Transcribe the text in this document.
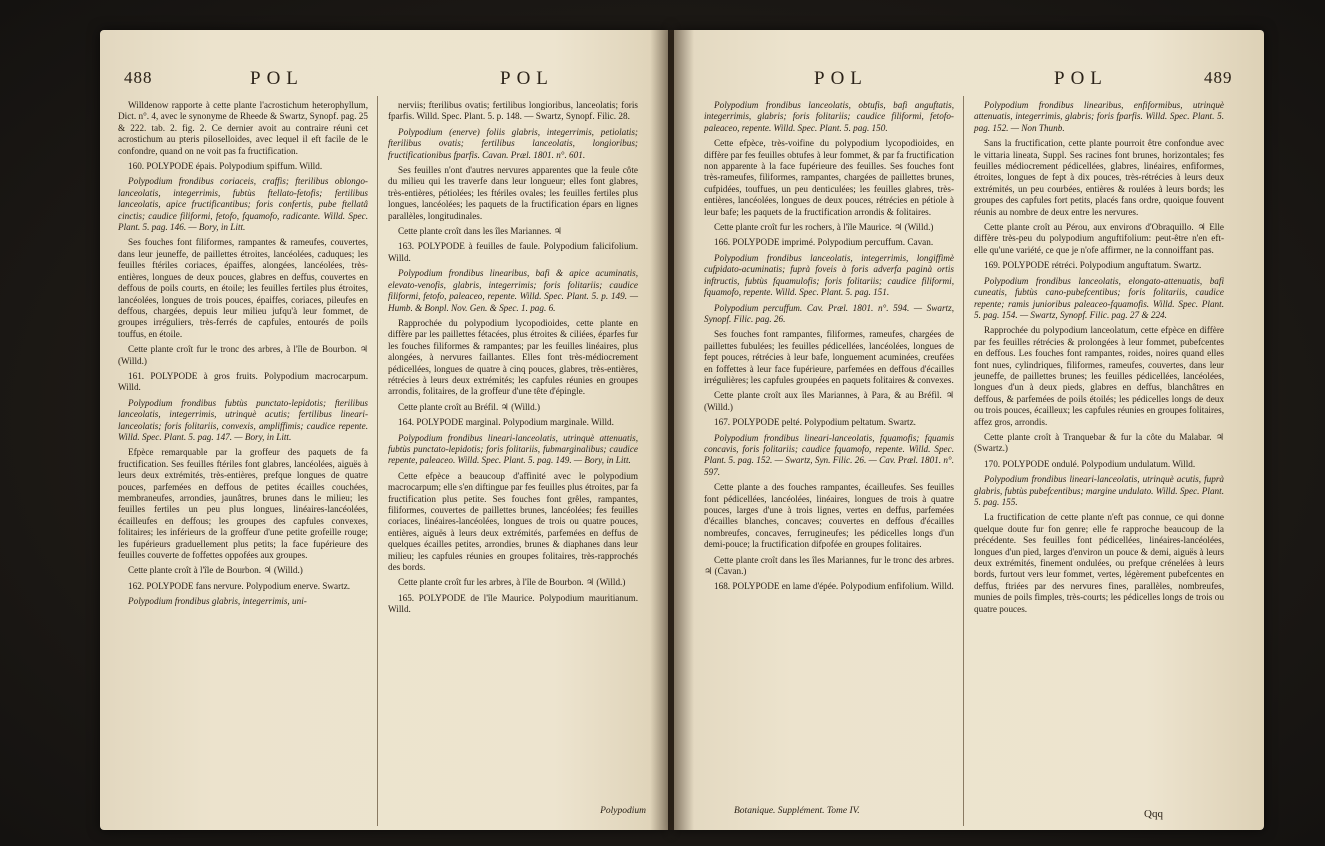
488	POL	POL

Willdenow rapporte à cette plante l'acrostichum heterophyllum, Dict. n°. 4, avec le synonyme de Rheede & Swartz, Synopf. pag. 25 & 222. tab. 2. fig. 2. Ce dernier avoit au contraire réuni cet acrostichum au pteris piloselloides, avec lequel il eft facile de le confondre, quand on ne voit pas fa fructification.

160. POLYPODE épais. Polypodium spiffum. Willd.

Polypodium frondibus coriaceis, craffis; fterilibus oblongo-lanceolatis, integerrimis, fubtùs ftellato-fetofis; fertilibus lanceolatis, apice fructificantibus; foris confertis, pube ftellatâ cinctis; caudice filiformi, fetofo, fquamofo, radicante. Willd. Spec. Plant. 5. pag. 146. — Bory, in Litt.

Ses fouches font filiformes, rampantes & rameufes, couvertes, dans leur jeuneffe, de paillettes étroites, lancéolées, caduques; les feuilles ftériles coriaces, épaiffes, alongées, lancéolées, très-entières, longues de deux pouces, glabres en deffus, couvertes en deffous de poils courts, en étoile; les feuilles fertiles plus étroites, lancéolées, longues de trois pouces, épaiffes, coriaces, pileufes en deffous, chargées, depuis leur milieu jufqu'à leur fommet, de groupes irréguliers, très-ferrés de capfules, entourés de poils touffus, en étoile.

Cette plante croît fur le tronc des arbres, à l'île de Bourbon. ♃ (Willd.)

161. POLYPODE à gros fruits. Polypodium macrocarpum. Willd.

Polypodium frondibus fubtùs punctato-lepidotis; fterilibus lanceolatis, integerrimis, utrinquè acutis; fertilibus lineari-lanceolatis; foris folitariis, convexis, ampliffimis; caudice repente. Willd. Spec. Plant. 5. pag. 147. — Bory, in Litt.

Efpèce remarquable par la groffeur des paquets de fa fructification. Ses feuilles ftériles font glabres, lancéolées, aiguës à leurs deux extrémités, très-entières, prefque longues de quatre pouces, parfemées en deffous de petites écailles couchées, membraneufes, arrondies, jaunâtres, brunes dans le milieu; les feuilles fertiles un peu plus longues, linéaires-lancéolées, écailleufes en deffous; les groupes des capfules convexes, folitaires; les inférieurs de la groffeur d'une petite grofeille rouge; les fupérieurs graduellement plus petits; la face fupérieure des feuilles couverte de foffettes oppofées aux groupes.

Cette plante croît à l'île de Bourbon. ♃ (Willd.)

162. POLYPODE fans nervure. Polypodium enerve. Swartz.

Polypodium frondibus glabris, integerrimis, uni-

nerviis; fterilibus ovatis; fertilibus longioribus, lanceolatis; foris fparfis. Willd. Spec. Plant. 5. p. 148. — Swartz, Synopf. Filic. 28.

Polypodium (enerve) foliis glabris, integerrimis, petiolatis; fterilibus ovatis; fertilibus lanceolatis, longioribus; fructificationibus fparfis. Cavan. Præl. 1801. n°. 601.

Ses feuilles n'ont d'autres nervures apparentes que la feule côte du milieu qui les traverfe dans leur longueur; elles font glabres, très-entières, pétiolées; les ftériles ovales; les feuilles fertiles plus longues, lancéolées; les paquets de la fructification épars en lignes parallèles, longitudinales.

Cette plante croît dans les îles Mariannes. ♃

163. POLYPODE à feuilles de faule. Polypodium falicifolium. Willd.

Polypodium frondibus linearibus, bafi & apice acuminatis, elevato-venofis, glabris, integerrimis; foris folitariis; caudice filiformi, fetofo, paleaceo, repente. Willd. Spec. Plant. 5. p. 149. — Humb. & Bonpl. Nov. Gen. & Spec. 1. pag. 6.

Rapprochée du polypodium lycopodioides, cette plante en diffère par les paillettes fétacées, plus étroites & ciliées, éparfes fur les fouches filiformes & rampantes; par les feuilles linéaires, plus alongées, à nervures faillantes. Elles font très-médiocrement pédicellées, longues de quatre à cinq pouces, glabres, très-entières, rétrécies à leurs deux extrémités; les capfules réunies en groupes arrondis, folitaires, de la groffeur d'une tête d'épingle.

Cette plante croît au Bréfil. ♃ (Willd.)

164. POLYPODE marginal. Polypodium marginale. Willd.

Polypodium frondibus lineari-lanceolatis, utrinquè attenuatis, fubtùs punctato-lepidotis; foris folitariis, fubmarginalibus; caudice repente, paleaceo. Willd. Spec. Plant. 5. pag. 149. — Bory, in Litt.

Cette efpèce a beaucoup d'affinité avec le polypodium macrocarpum; elle s'en diftingue par fes feuilles plus étroites, par fa fructification plus petite. Ses fouches font grêles, rampantes, filiformes, couvertes de paillettes brunes, lancéolées; fes feuilles coriaces, linéaires-lancéolées, longues de trois ou quatre pouces, entières, aiguës à leurs deux extrémités, parfemées en deffus de quelques écailles petites, arrondies, brunes & diaphanes dans leur milieu; les capfules réunies en groupes folitaires, très-rapprochés des bords.

Cette plante croît fur les arbres, à l'île de Bourbon. ♃ (Willd.)

165. POLYPODE de l'île Maurice. Polypodium mauritianum. Willd.

Polypodium
POL	POL	489

Polypodium frondibus lanceolatis, obtufis, bafi anguftatis, integerrimis, glabris; foris folitariis; caudice filiformi, fetofo-paleaceo, repente. Willd. Spec. Plant. 5. pag. 150.

Cette efpèce, très-voifine du polypodium lycopodioides, en diffère par fes feuilles obtufes à leur fommet, & par fa fructification non apparente à la face fupérieure des feuilles. Ses fouches font très-rameufes, filiformes, rampantes, chargées de paillettes brunes, cufpidées, touffues, un peu denticulées; les feuilles glabres, très-entières, lancéolées, longues de deux pouces, rétrécies en pétiole à leur bafe; les paquets de la fructification arrondis & folitaires.

Cette plante croît fur les rochers, à l'île Maurice. ♃ (Willd.)

166. POLYPODE imprimé. Polypodium percuffum. Cavan.

Polypodium frondibus lanceolatis, integerrimis, longiffimè cufpidato-acuminatis; fuprà foveis à foris adverfa paginà ortis inftructis, fubtùs fquamulofis; foris folitariis; caudice filiformi, fquamofo, repente. Willd. Spec. Plant. 5. pag. 151.

Polypodium percuffum. Cav. Præl. 1801. n°. 594. — Swartz, Synopf. Filic. pag. 26.

Ses fouches font rampantes, filiformes, rameufes, chargées de paillettes fubulées; les feuilles pédicellées, lancéolées, longues de fept pouces, rétrécies à leur bafe, longuement acuminées, creufées en foffettes à leur face fupérieure, parfemées en deffous d'écailles irrégulières; les capfules groupées en paquets folitaires & convexes.

Cette plante croît aux îles Mariannes, à Para, & au Bréfil. ♃ (Willd.)

167. POLYPODE pelté. Polypodium peltatum. Swartz.

Polypodium frondibus lineari-lanceolatis, fquamofis; fquamis concavis, foris folitariis; caudice fquamofo, repente. Willd. Spec. Plant. 5. pag. 152. — Swartz, Syn. Filic. 26. — Cav. Præl. 1801. n°. 597.

Cette plante a des fouches rampantes, écailleufes. Ses feuilles font pédicellées, lancéolées, linéaires, longues de trois à quatre pouces, larges d'une à trois lignes, vertes en deffus, parfemées d'écailles blanches, concaves; couvertes en deffous d'écailles nombreufes, concaves, ferrugineufes; les pédicelles longs d'un demi-pouce; la fructification difpofée en groupes folitaires.

Cette plante croît dans les îles Mariannes, fur le tronc des arbres. ♃ (Cavan.)

168. POLYPODE en lame d'épée. Polypodium enfifolium. Willd.

Polypodium frondibus linearibus, enfiformibus, utrinquè attenuatis, integerrimis, glabris; foris fparfis. Willd. Spec. Plant. 5. pag. 152. — Non Thunb.

Sans la fructification, cette plante pourroit être confondue avec le vittaria lineata, Suppl. Ses racines font brunes, horizontales; fes feuilles médiocrement pédicellées, glabres, linéaires, enfiformes, étroites, longues de fept à dix pouces, très-rétrécies à leurs deux extrémités, un peu courbées, entières & roulées à leurs bords; les groupes des capfules fort petits, placés fans ordre, quoique fouvent réunis au nombre de deux entre les nervures.

Cette plante croît au Pérou, aux environs d'Obraquillo. ♃ Elle diffère très-peu du polypodium anguftifolium: peut-être n'en eft-elle qu'une variété, ce que je n'ofe affirmer, ne la connoiffant pas.

169. POLYPODE rétréci. Polypodium anguftatum. Swartz.

Polypodium frondibus lanceolatis, elongato-attenuatis, bafi cuneatis, fubtùs cano-pubefcentibus; foris folitariis, caudice repente; ramis junioribus paleaceo-fquamofis. Willd. Spec. Plant. 5. pag. 154. — Swartz, Synopf. Filic. pag. 27 & 224.

Rapprochée du polypodium lanceolatum, cette efpèce en diffère par fes feuilles rétrécies & prolongées à leur fommet, pubefcentes en deffous. Les fouches font rampantes, roides, noires quand elles font nues, cylindriques, filiformes, rameufes, couvertes, dans leur jeuneffe, de paillettes brunes; les feuilles pédicellées, lancéolées, longues d'un à deux pieds, glabres en deffus, blanchâtres en deffous, & parfemées de poils étoilés; les pédicelles longs de deux ou trois pouces, écailleux; les capfules réunies en groupes folitaires, affez gros, arrondis.

Cette plante croît à Tranquebar & fur la côte du Malabar. ♃ (Swartz.)

170. POLYPODE ondulé. Polypodium undulatum. Willd.

Polypodium frondibus lineari-lanceolatis, utrinquè acutis, fuprà glabris, fubtùs pubefcentibus; margine undulato. Willd. Spec. Plant. 5. pag. 155.

La fructification de cette plante n'eft pas connue, ce qui donne quelque doute fur fon genre; elle fe rapproche beaucoup de la précédente. Ses feuilles font pédicellées, linéaires-lancéolées, longues d'un pied, larges d'environ un pouce & demi, aiguës à leurs deux extrémités, finement ondulées, ou prefque crénelées à leurs bords, furtout vers leur fommet, vertes, légèrement pubefcentes en deffus, ftriées par des nervures fines, parallèles, nombreufes, munies de poils fimples, très-courts; les pédicelles longs de trois ou quatre pouces.

Botanique. Supplément. Tome IV.	Qqq
